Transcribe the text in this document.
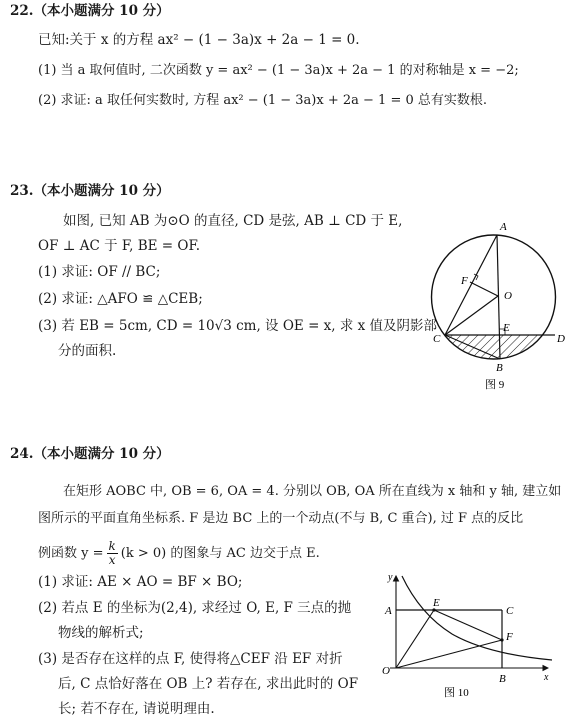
22.（本小题满分 10 分）
已知:关于 x 的方程 ax² − (1 − 3a)x + 2a − 1 = 0.
(1) 当 a 取何值时, 二次函数 y = ax² − (1 − 3a)x + 2a − 1 的对称轴是 x = −2;
(2) 求证: a 取任何实数时, 方程 ax² − (1 − 3a)x + 2a − 1 = 0 总有实数根.
23.（本小题满分 10 分）
如图, 已知 AB 为⊙O 的直径, CD 是弦, AB ⊥ CD 于 E,
OF ⊥ AC 于 F, BE = OF.
(1) 求证: OF // BC;
(2) 求证: △AFO ≌ △CEB;
(3) 若 EB = 5cm, CD = 10√3 cm, 设 OE = x, 求 x 值及阴影部
分的面积.
A
F
O
E
C	D
B
图 9
24.（本小题满分 10 分）
在矩形 AOBC 中, OB = 6, OA = 4. 分别以 OB, OA 所在直线为 x 轴和 y 轴, 建立如
图所示的平面直角坐标系. F 是边 BC 上的一个动点(不与 B, C 重合), 过 F 点的反比
例函数 $y = \frac{k}{x} (k > 0)$ 的图象与 AC 边交于点 E.
(1) 求证: AE × AO = BF × BO;
(2) 若点 E 的坐标为(2,4), 求经过 O, E, F 三点的抛
物线的解析式;
(3) 是否存在这样的点 F, 使得将△CEF 沿 EF 对折
后, C 点恰好落在 OB 上? 若存在, 求出此时的 OF
长; 若不存在, 请说明理由.
y
A
E
C
F
O
B	x
图 10
